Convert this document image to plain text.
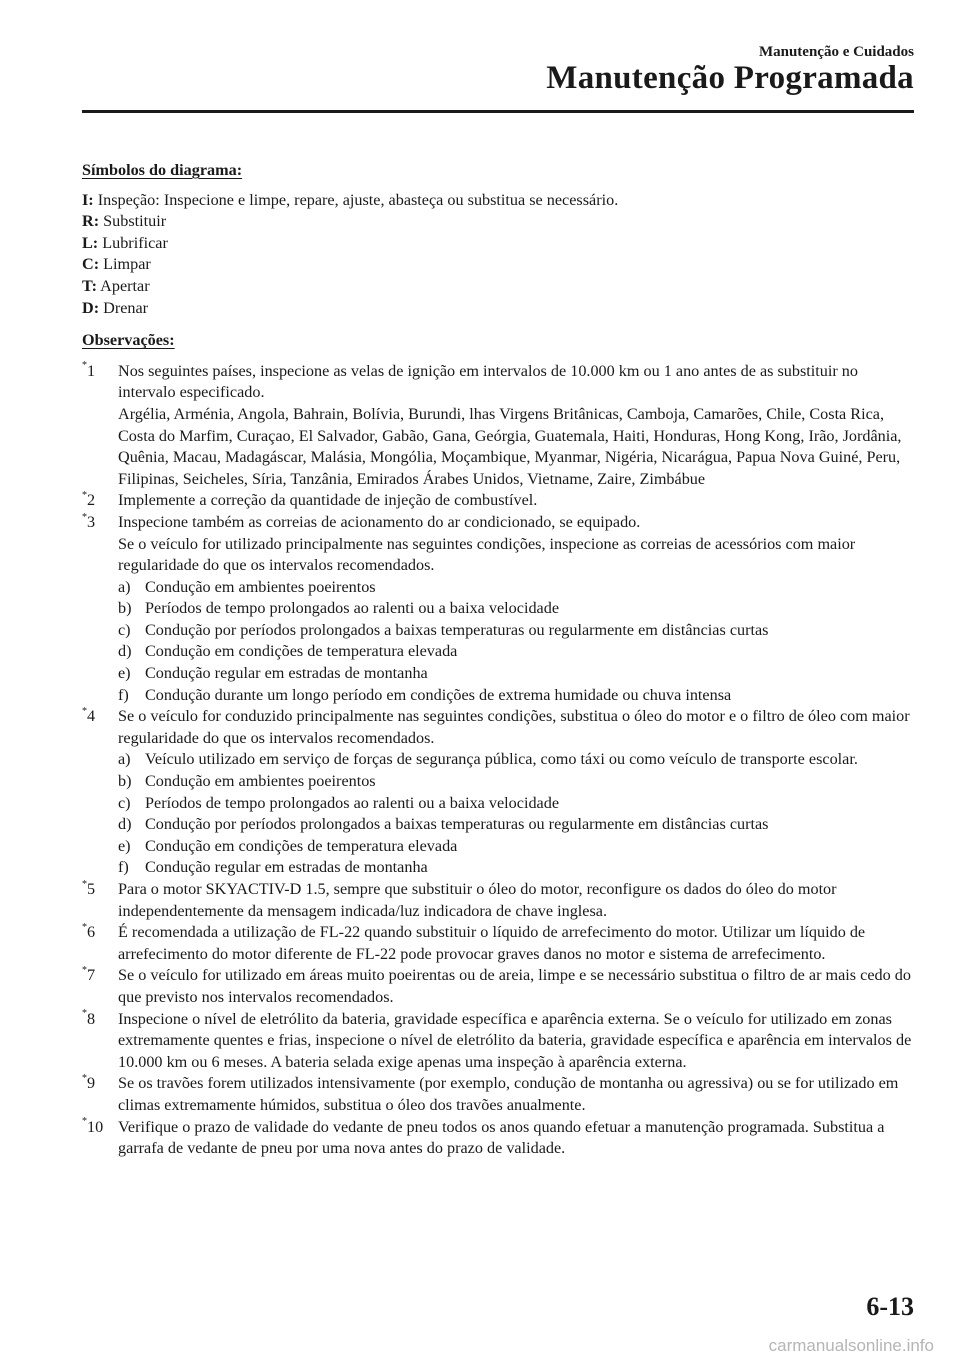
Manutenção e Cuidados
Manutenção Programada
Símbolos do diagrama:
I: Inspeção: Inspecione e limpe, repare, ajuste, abasteça ou substitua se necessário.
R: Substituir
L: Lubrificar
C: Limpar
T: Apertar
D: Drenar
Observações:
*1 Nos seguintes países, inspecione as velas de ignição em intervalos de 10.000 km ou 1 ano antes de as substituir no intervalo especificado.
Argélia, Arménia, Angola, Bahrain, Bolívia, Burundi, lhas Virgens Britânicas, Camboja, Camarões, Chile, Costa Rica, Costa do Marfim, Curaçao, El Salvador, Gabão, Gana, Geórgia, Guatemala, Haiti, Honduras, Hong Kong, Irão, Jordânia, Quênia, Macau, Madagáscar, Malásia, Mongólia, Moçambique, Myanmar, Nigéria, Nicarágua, Papua Nova Guiné, Peru, Filipinas, Seicheles, Síria, Tanzânia, Emirados Árabes Unidos, Vietname, Zaire, Zimbábue
*2 Implemente a correção da quantidade de injeção de combustível.
*3 Inspecione também as correias de acionamento do ar condicionado, se equipado.
Se o veículo for utilizado principalmente nas seguintes condições, inspecione as correias de acessórios com maior regularidade do que os intervalos recomendados.
a) Condução em ambientes poeirentos
b) Períodos de tempo prolongados ao ralenti ou a baixa velocidade
c) Condução por períodos prolongados a baixas temperaturas ou regularmente em distâncias curtas
d) Condução em condições de temperatura elevada
e) Condução regular em estradas de montanha
f) Condução durante um longo período em condições de extrema humidade ou chuva intensa
*4 Se o veículo for conduzido principalmente nas seguintes condições, substitua o óleo do motor e o filtro de óleo com maior regularidade do que os intervalos recomendados.
a) Veículo utilizado em serviço de forças de segurança pública, como táxi ou como veículo de transporte escolar.
b) Condução em ambientes poeirentos
c) Períodos de tempo prolongados ao ralenti ou a baixa velocidade
d) Condução por períodos prolongados a baixas temperaturas ou regularmente em distâncias curtas
e) Condução em condições de temperatura elevada
f) Condução regular em estradas de montanha
*5 Para o motor SKYACTIV-D 1.5, sempre que substituir o óleo do motor, reconfigure os dados do óleo do motor independentemente da mensagem indicada/luz indicadora de chave inglesa.
*6 É recomendada a utilização de FL-22 quando substituir o líquido de arrefecimento do motor. Utilizar um líquido de arrefecimento do motor diferente de FL-22 pode provocar graves danos no motor e sistema de arrefecimento.
*7 Se o veículo for utilizado em áreas muito poeirentas ou de areia, limpe e se necessário substitua o filtro de ar mais cedo do que previsto nos intervalos recomendados.
*8 Inspecione o nível de eletrólito da bateria, gravidade específica e aparência externa. Se o veículo for utilizado em zonas extremamente quentes e frias, inspecione o nível de eletrólito da bateria, gravidade específica e aparência em intervalos de 10.000 km ou 6 meses. A bateria selada exige apenas uma inspeção à aparência externa.
*9 Se os travões forem utilizados intensivamente (por exemplo, condução de montanha ou agressiva) ou se for utilizado em climas extremamente húmidos, substitua o óleo dos travões anualmente.
*10 Verifique o prazo de validade do vedante de pneu todos os anos quando efetuar a manutenção programada. Substitua a garrafa de vedante de pneu por uma nova antes do prazo de validade.
6-13
carmanualsonline.info
